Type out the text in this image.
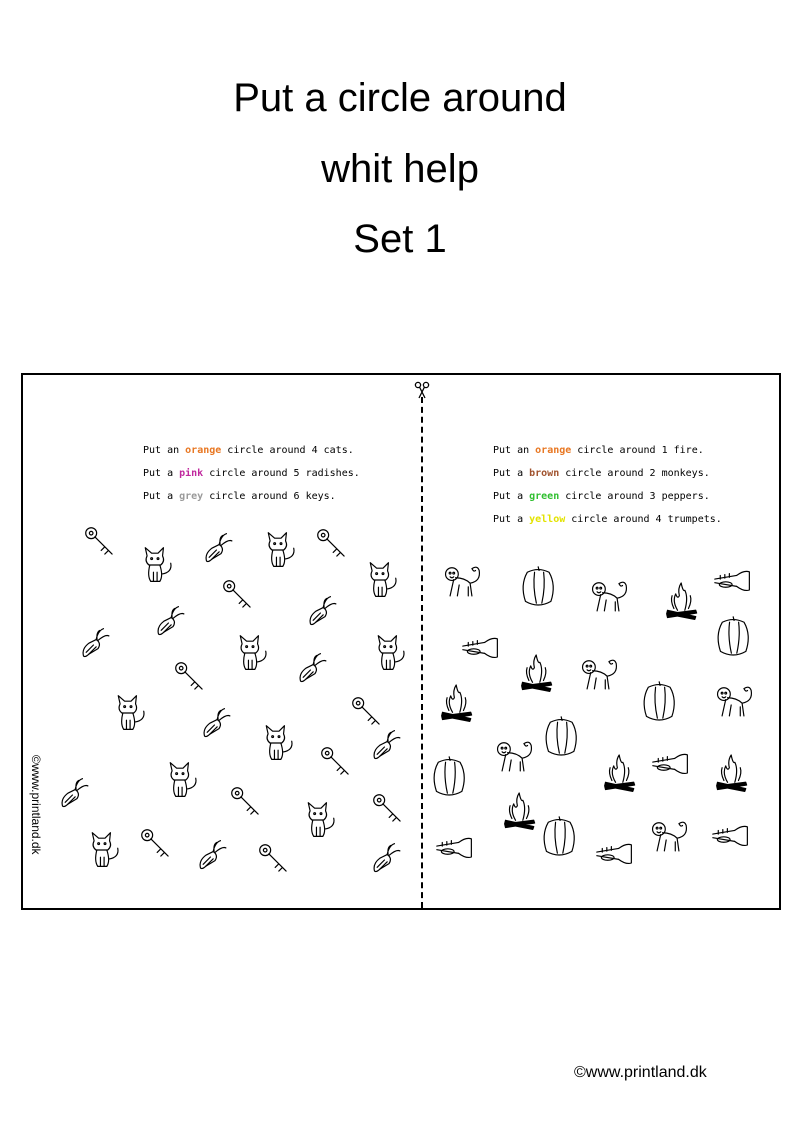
Put a circle around
whit help
Set 1
Put an orange circle around 4 cats.
Put a pink circle around 5 radishes.
Put a grey circle around 6 keys.
Put an orange circle around 1 fire.
Put a brown circle around 2 monkeys.
Put a green circle around 3 peppers.
Put a yellow circle around 4 trumpets.
©www.printland.dk
©www.printland.dk
